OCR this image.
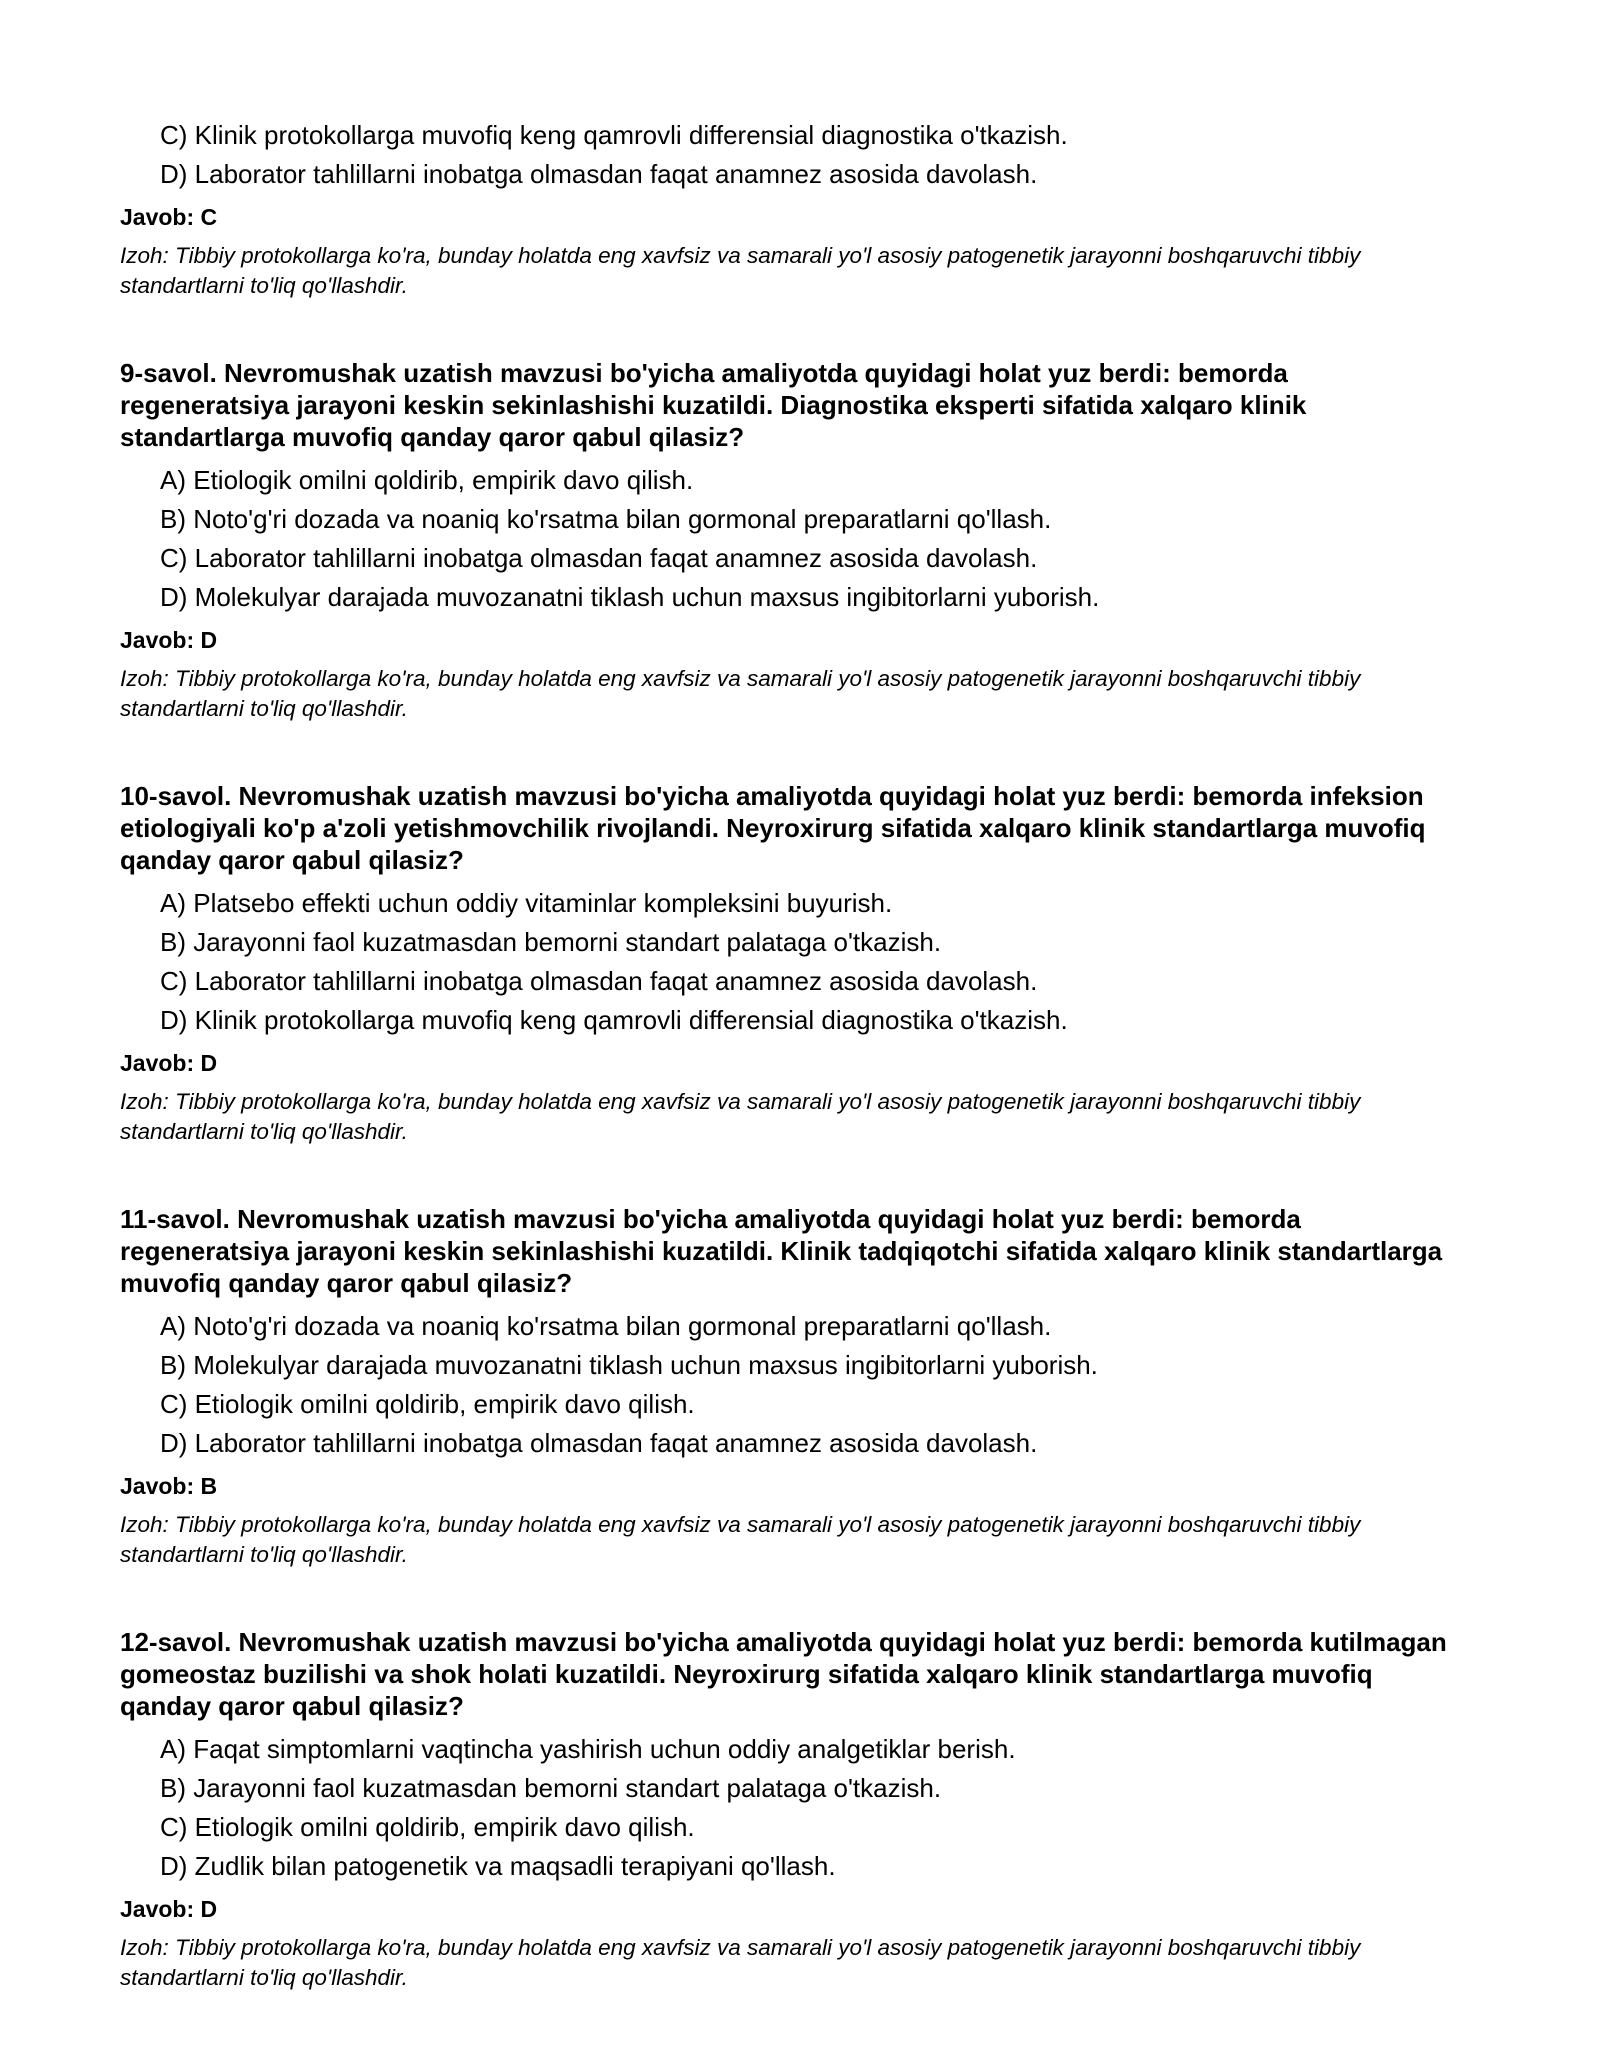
C) Klinik protokollarga muvofiq keng qamrovli differensial diagnostika o'tkazish.
D) Laborator tahlillarni inobatga olmasdan faqat anamnez asosida davolash.
Javob: C

Izoh: Tibbiy protokollarga ko'ra, bunday holatda eng xavfsiz va samarali yo'l asosiy patogenetik jarayonni boshqaruvchi tibbiy standartlarni to'liq qo'llashdir.

9-savol. Nevromushak uzatish mavzusi bo'yicha amaliyotda quyidagi holat yuz berdi: bemorda regeneratsiya jarayoni keskin sekinlashishi kuzatildi. Diagnostika eksperti sifatida xalqaro klinik standartlarga muvofiq qanday qaror qabul qilasiz?

A) Etiologik omilni qoldirib, empirik davo qilish.
B) Noto'g'ri dozada va noaniq ko'rsatma bilan gormonal preparatlarni qo'llash.
C) Laborator tahlillarni inobatga olmasdan faqat anamnez asosida davolash.
D) Molekulyar darajada muvozanatni tiklash uchun maxsus ingibitorlarni yuborish.
Javob: D

Izoh: Tibbiy protokollarga ko'ra, bunday holatda eng xavfsiz va samarali yo'l asosiy patogenetik jarayonni boshqaruvchi tibbiy standartlarni to'liq qo'llashdir.

10-savol. Nevromushak uzatish mavzusi bo'yicha amaliyotda quyidagi holat yuz berdi: bemorda infeksion etiologiyali ko'p a'zoli yetishmovchilik rivojlandi. Neyroxirurg sifatida xalqaro klinik standartlarga muvofiq qanday qaror qabul qilasiz?

A) Platsebo effekti uchun oddiy vitaminlar kompleksini buyurish.
B) Jarayonni faol kuzatmasdan bemorni standart palataga o'tkazish.
C) Laborator tahlillarni inobatga olmasdan faqat anamnez asosida davolash.
D) Klinik protokollarga muvofiq keng qamrovli differensial diagnostika o'tkazish.
Javob: D

Izoh: Tibbiy protokollarga ko'ra, bunday holatda eng xavfsiz va samarali yo'l asosiy patogenetik jarayonni boshqaruvchi tibbiy standartlarni to'liq qo'llashdir.

11-savol. Nevromushak uzatish mavzusi bo'yicha amaliyotda quyidagi holat yuz berdi: bemorda regeneratsiya jarayoni keskin sekinlashishi kuzatildi. Klinik tadqiqotchi sifatida xalqaro klinik standartlarga muvofiq qanday qaror qabul qilasiz?

A) Noto'g'ri dozada va noaniq ko'rsatma bilan gormonal preparatlarni qo'llash.
B) Molekulyar darajada muvozanatni tiklash uchun maxsus ingibitorlarni yuborish.
C) Etiologik omilni qoldirib, empirik davo qilish.
D) Laborator tahlillarni inobatga olmasdan faqat anamnez asosida davolash.
Javob: B

Izoh: Tibbiy protokollarga ko'ra, bunday holatda eng xavfsiz va samarali yo'l asosiy patogenetik jarayonni boshqaruvchi tibbiy standartlarni to'liq qo'llashdir.

12-savol. Nevromushak uzatish mavzusi bo'yicha amaliyotda quyidagi holat yuz berdi: bemorda kutilmagan gomeostaz buzilishi va shok holati kuzatildi. Neyroxirurg sifatida xalqaro klinik standartlarga muvofiq qanday qaror qabul qilasiz?

A) Faqat simptomlarni vaqtincha yashirish uchun oddiy analgetiklar berish.
B) Jarayonni faol kuzatmasdan bemorni standart palataga o'tkazish.
C) Etiologik omilni qoldirib, empirik davo qilish.
D) Zudlik bilan patogenetik va maqsadli terapiyani qo'llash.
Javob: D

Izoh: Tibbiy protokollarga ko'ra, bunday holatda eng xavfsiz va samarali yo'l asosiy patogenetik jarayonni boshqaruvchi tibbiy standartlarni to'liq qo'llashdir.
